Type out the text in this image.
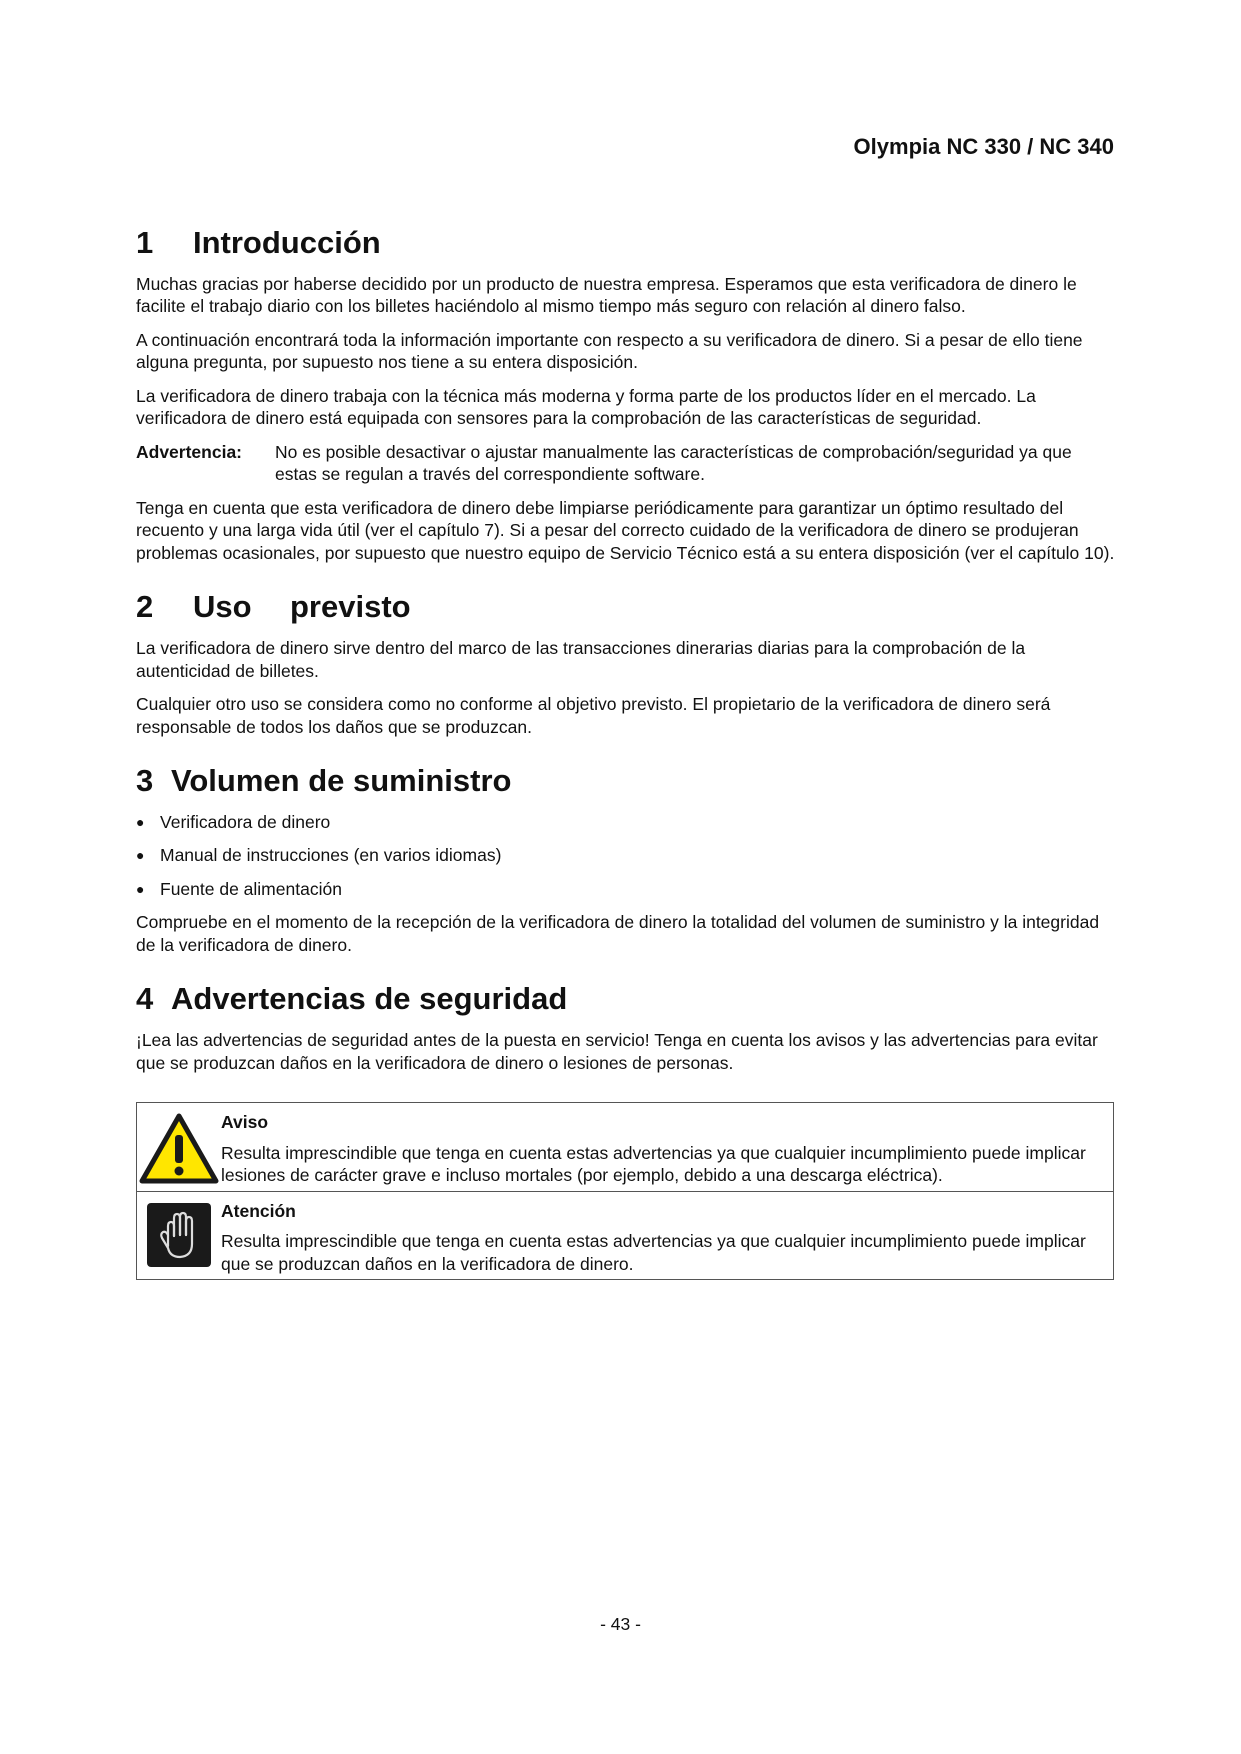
Olympia NC 330 / NC 340
1 Introducción

Muchas gracias por haberse decidido por un producto de nuestra empresa. Esperamos que esta verificadora de dinero le facilite el trabajo diario con los billetes haciéndolo al mismo tiempo más seguro con relación al dinero falso.

A continuación encontrará toda la información importante con respecto a su verificadora de dinero. Si a pesar de ello tiene alguna pregunta, por supuesto nos tiene a su entera disposición.

La verificadora de dinero trabaja con la técnica más moderna y forma parte de los productos líder en el mercado. La verificadora de dinero está equipada con sensores para la comprobación de las características de seguridad.

Advertencia:	No es posible desactivar o ajustar manualmente las características de comprobación/seguridad ya que estas se regulan a través del correspondiente software.

Tenga en cuenta que esta verificadora de dinero debe limpiarse periódicamente para garantizar un óptimo resultado del recuento y una larga vida útil (ver el capítulo 7). Si a pesar del correcto cuidado de la verificadora de dinero se produjeran problemas ocasionales, por supuesto que nuestro equipo de Servicio Técnico está a su entera disposición (ver el capítulo 10).

2 Uso previsto

La verificadora de dinero sirve dentro del marco de las transacciones dinerarias diarias para la comprobación de la autenticidad de billetes.

Cualquier otro uso se considera como no conforme al objetivo previsto. El propietario de la verificadora de dinero será responsable de todos los daños que se produzcan.

3 Volumen de suministro
● Verificadora de dinero
● Manual de instrucciones (en varios idiomas)
● Fuente de alimentación

Compruebe en el momento de la recepción de la verificadora de dinero la totalidad del volumen de suministro y la integridad de la verificadora de dinero.

4 Advertencias de seguridad

¡Lea las advertencias de seguridad antes de la puesta en servicio! Tenga en cuenta los avisos y las advertencias para evitar que se produzcan daños en la verificadora de dinero o lesiones de personas.

Aviso

Resulta imprescindible que tenga en cuenta estas advertencias ya que cualquier incumplimiento puede implicar lesiones de carácter grave e incluso mortales (por ejemplo, debido a una descarga eléctrica).

Atención

Resulta imprescindible que tenga en cuenta estas advertencias ya que cualquier incumplimiento puede implicar que se produzcan daños en la verificadora de dinero.

- 43 -
